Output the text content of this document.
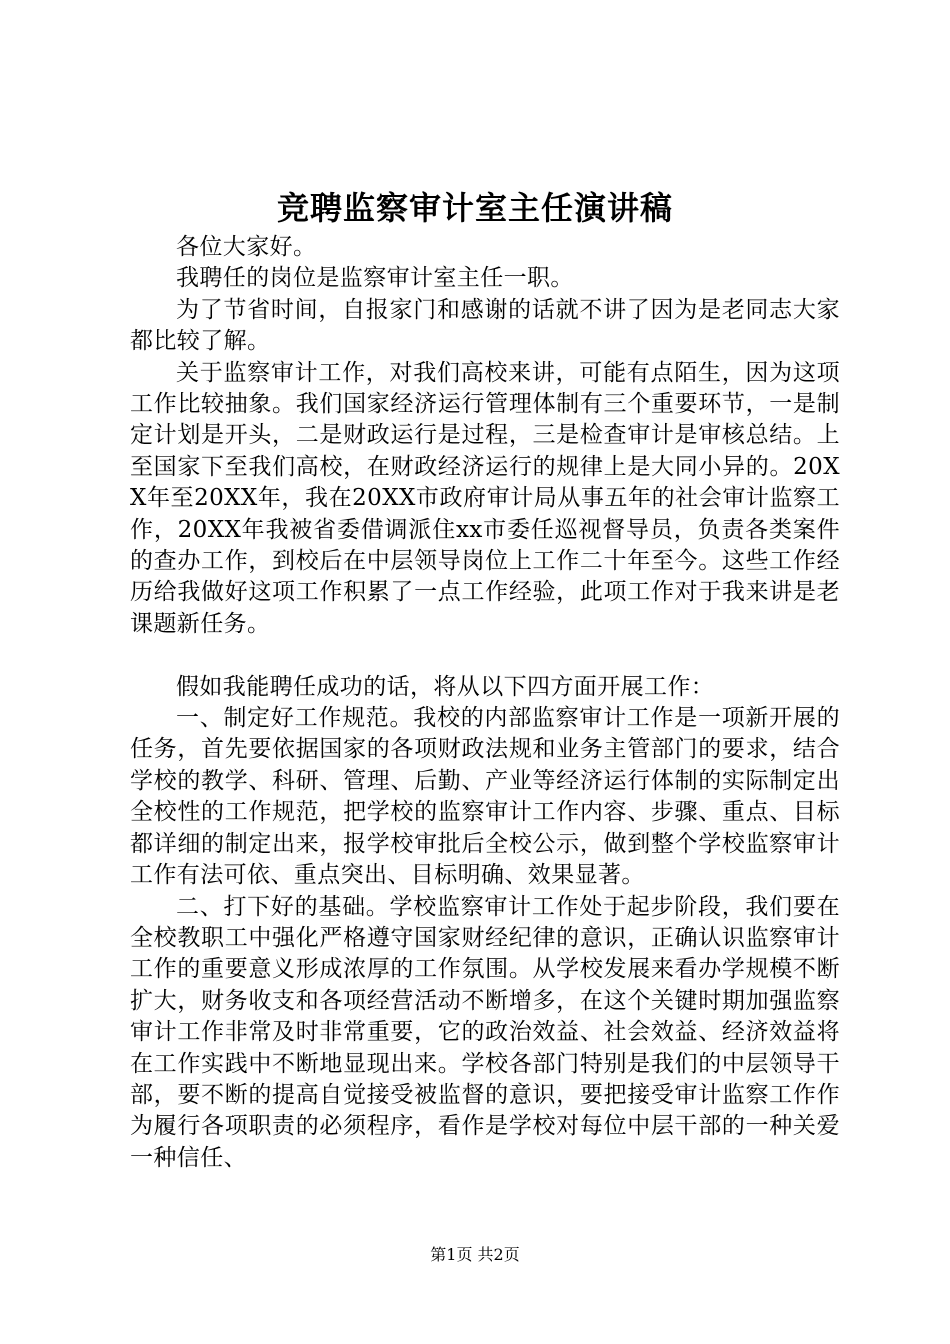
竞聘监察审计室主任演讲稿

各位大家好。

我聘任的岗位是监察审计室主任一职。

为了节省时间，自报家门和感谢的话就不讲了因为是老同志大家都比较了解。

关于监察审计工作，对我们高校来讲，可能有点陌生，因为这项工作比较抽象。我们国家经济运行管理体制有三个重要环节，一是制定计划是开头，二是财政运行是过程，三是检查审计是审核总结。上至国家下至我们高校，在财政经济运行的规律上是大同小异的。20XX年至20XX年，我在20XX市政府审计局从事五年的社会审计监察工作，20XX年我被省委借调派住xx市委任巡视督导员，负责各类案件的查办工作，到校后在中层领导岗位上工作二十年至今。这些工作经历给我做好这项工作积累了一点工作经验，此项工作对于我来讲是老课题新任务。

假如我能聘任成功的话，将从以下四方面开展工作：

一、制定好工作规范。我校的内部监察审计工作是一项新开展的任务，首先要依据国家的各项财政法规和业务主管部门的要求，结合学校的教学、科研、管理、后勤、产业等经济运行体制的实际制定出全校性的工作规范，把学校的监察审计工作内容、步骤、重点、目标都详细的制定出来，报学校审批后全校公示，做到整个学校监察审计工作有法可依、重点突出、目标明确、效果显著。

二、打下好的基础。学校监察审计工作处于起步阶段，我们要在全校教职工中强化严格遵守国家财经纪律的意识，正确认识监察审计工作的重要意义形成浓厚的工作氛围。从学校发展来看办学规模不断扩大，财务收支和各项经营活动不断增多，在这个关键时期加强监察审计工作非常及时非常重要，它的政治效益、社会效益、经济效益将在工作实践中不断地显现出来。学校各部门特别是我们的中层领导干部，要不断的提高自觉接受被监督的意识，要把接受审计监察工作作为履行各项职责的必须程序，看作是学校对每位中层干部的一种关爱一种信任、

第1页 共2页
